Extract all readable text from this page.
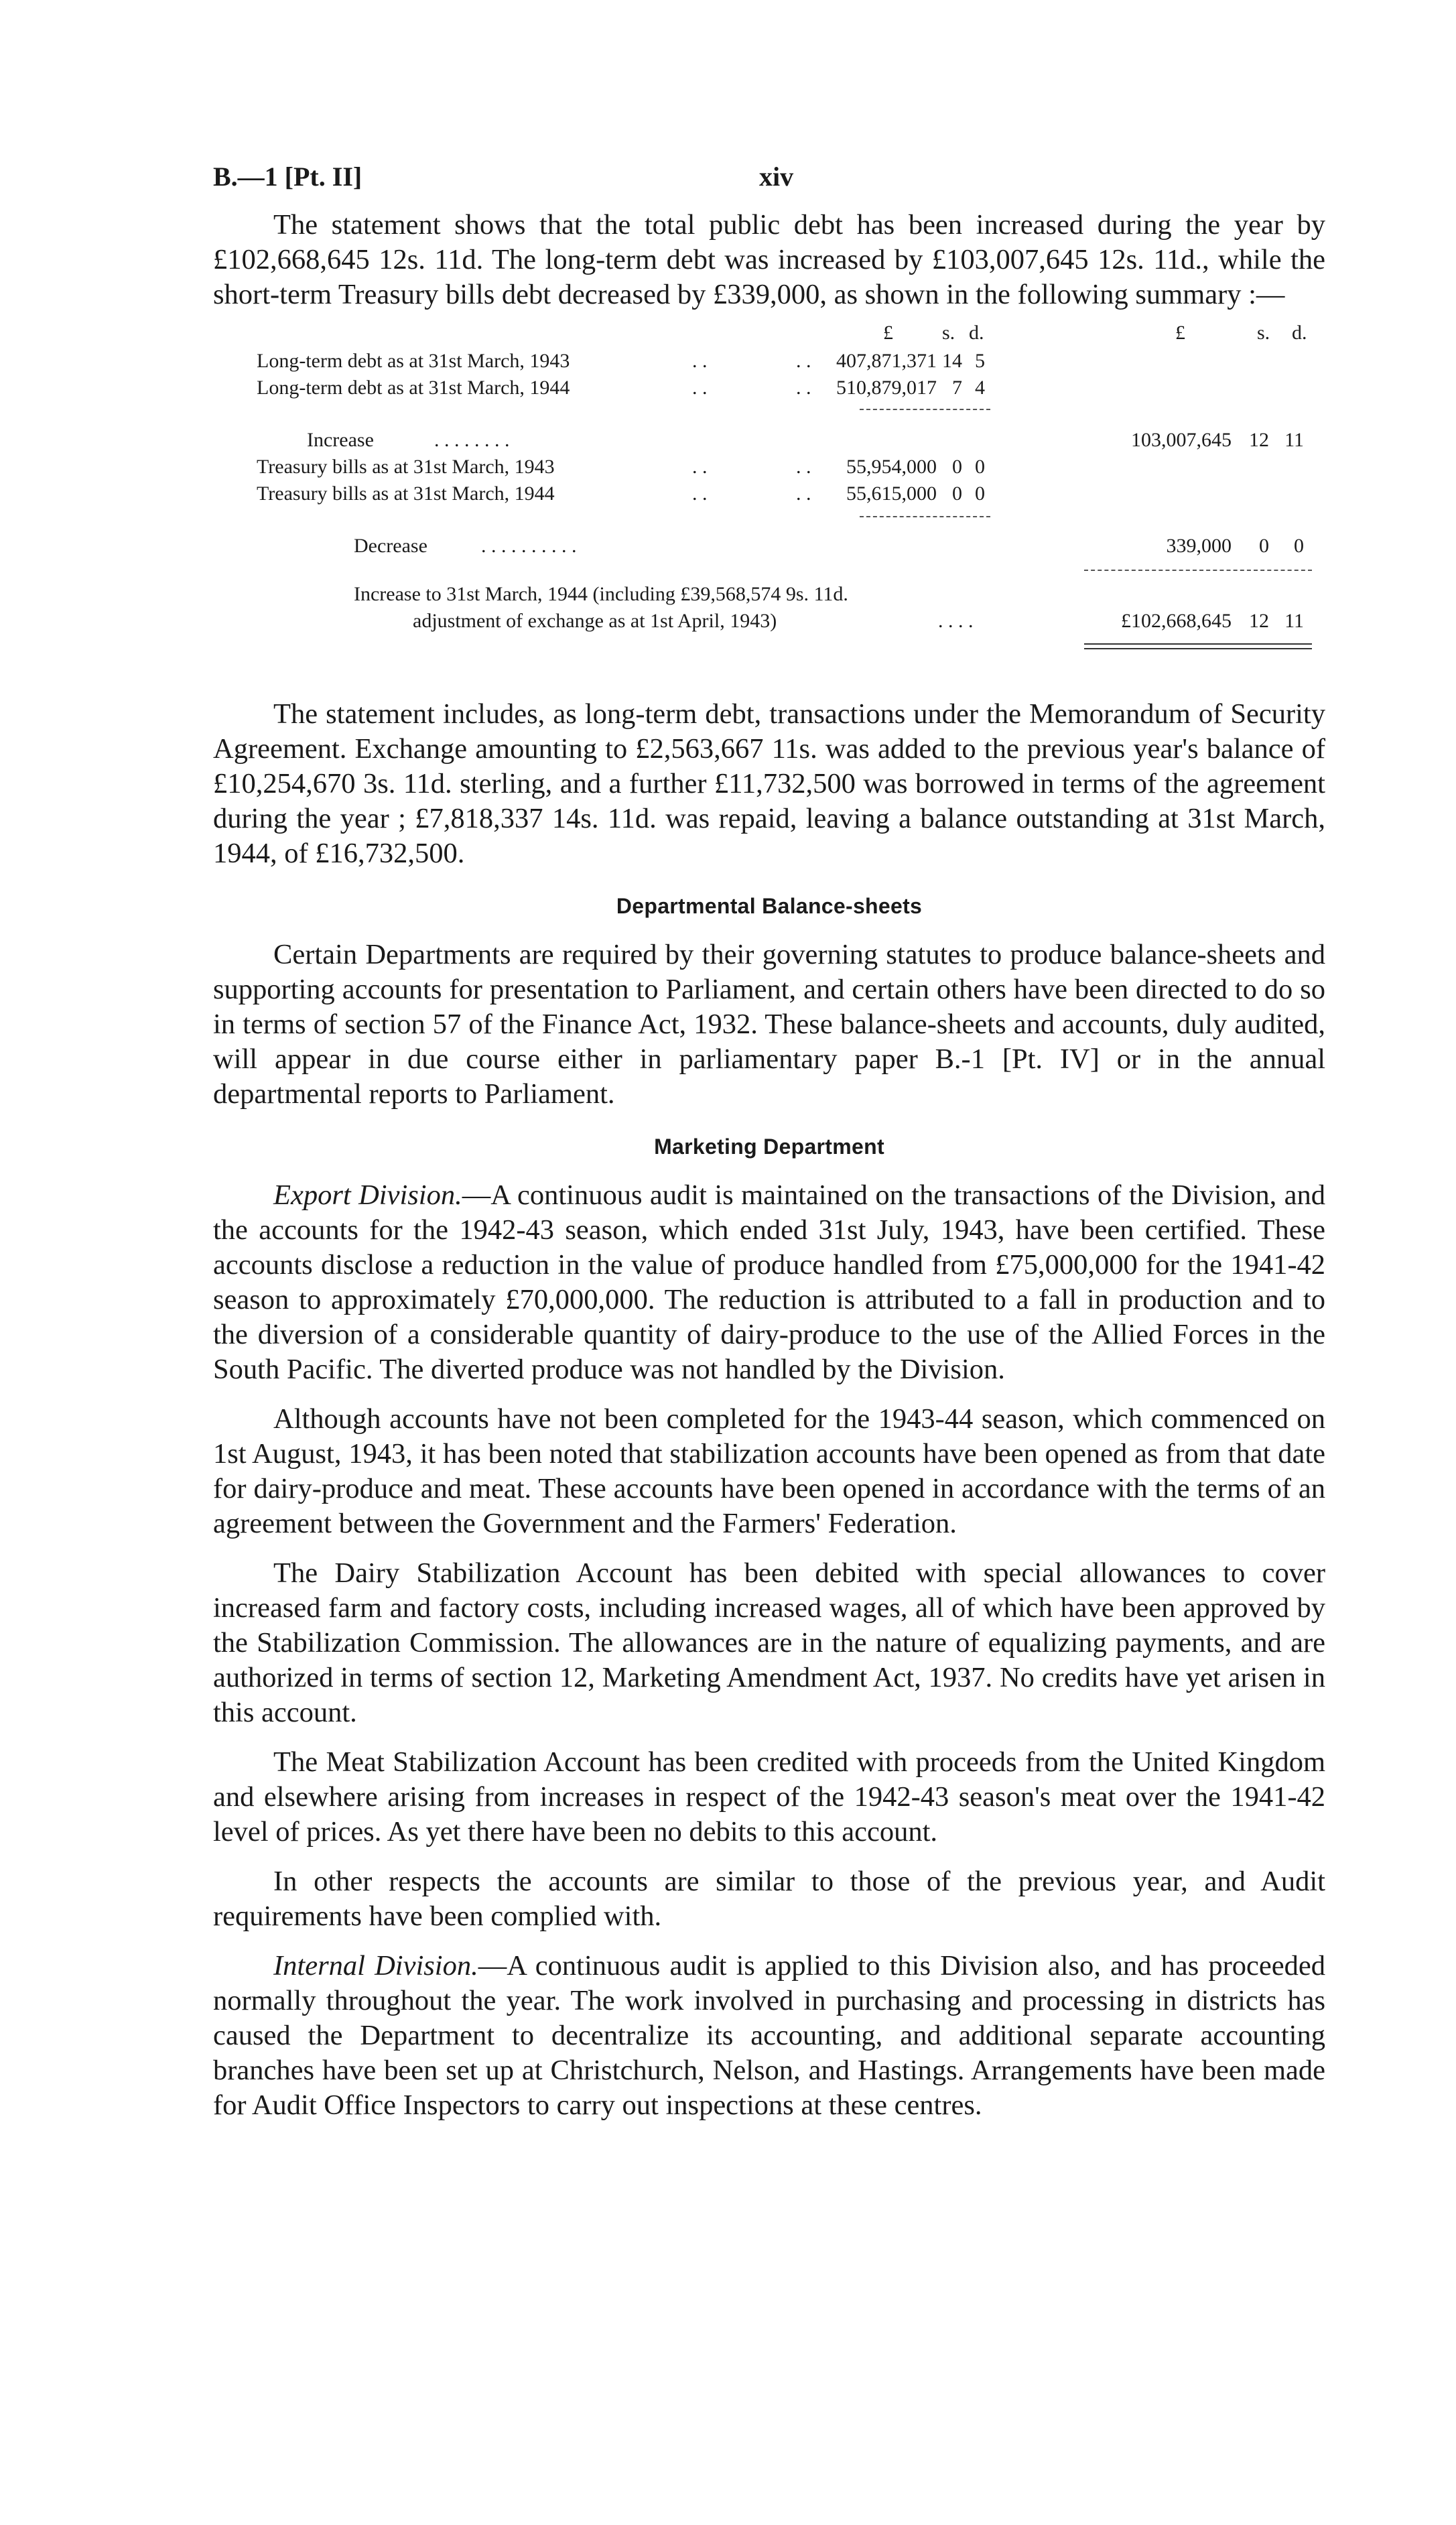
B.—1 [Pt. II]	xiv

The statement shows that the total public debt has been increased during the year by £102,668,645 12s. 11d. The long-term debt was increased by £103,007,645 12s. 11d., while the short-term Treasury bills debt decreased by £339,000, as shown in the following summary :—

£ s. d.	£	s. d.
Long-term debt as at 31st March, 1943	. .	. .	407,871,371 14 5
Long-term debt as at 31st March, 1944	. .	. .	510,879,017 7 4
Increase	. . . . . . . .	103,007,645 12 11
Treasury bills as at 31st March, 1943	. .	. .	55,954,000 0 0
Treasury bills as at 31st March, 1944	. .	. .	55,615,000 0 0
Decrease	. . . . . . . . . .	339,000	0	0
Increase to 31st March, 1944 (including £39,568,574 9s. 11d.
adjustment of exchange as at 1st April, 1943)	. . . .	£102,668,645 12 11

The statement includes, as long-term debt, transactions under the Memorandum of Security Agreement. Exchange amounting to £2,563,667 11s. was added to the previous year's balance of £10,254,670 3s. 11d. sterling, and a further £11,732,500 was borrowed in terms of the agreement during the year ; £7,818,337 14s. 11d. was repaid, leaving a balance outstanding at 31st March, 1944, of £16,732,500.

Departmental Balance-sheets

Certain Departments are required by their governing statutes to produce balance-sheets and supporting accounts for presentation to Parliament, and certain others have been directed to do so in terms of section 57 of the Finance Act, 1932. These balance-sheets and accounts, duly audited, will appear in due course either in parliamentary paper B.-1 [Pt. IV] or in the annual departmental reports to Parliament.

Marketing Department

Export Division.—A continuous audit is maintained on the transactions of the Division, and the accounts for the 1942-43 season, which ended 31st July, 1943, have been certified. These accounts disclose a reduction in the value of produce handled from £75,000,000 for the 1941-42 season to approximately £70,000,000. The reduction is attributed to a fall in production and to the diversion of a considerable quantity of dairy-produce to the use of the Allied Forces in the South Pacific. The diverted produce was not handled by the Division.

Although accounts have not been completed for the 1943-44 season, which commenced on 1st August, 1943, it has been noted that stabilization accounts have been opened as from that date for dairy-produce and meat. These accounts have been opened in accordance with the terms of an agreement between the Government and the Farmers' Federation.

The Dairy Stabilization Account has been debited with special allowances to cover increased farm and factory costs, including increased wages, all of which have been approved by the Stabilization Commission. The allowances are in the nature of equalizing payments, and are authorized in terms of section 12, Marketing Amendment Act, 1937. No credits have yet arisen in this account.

The Meat Stabilization Account has been credited with proceeds from the United Kingdom and elsewhere arising from increases in respect of the 1942-43 season's meat over the 1941-42 level of prices. As yet there have been no debits to this account.

In other respects the accounts are similar to those of the previous year, and Audit requirements have been complied with.

Internal Division.—A continuous audit is applied to this Division also, and has proceeded normally throughout the year. The work involved in purchasing and processing in districts has caused the Department to decentralize its accounting, and additional separate accounting branches have been set up at Christchurch, Nelson, and Hastings. Arrangements have been made for Audit Office Inspectors to carry out inspections at these centres.
